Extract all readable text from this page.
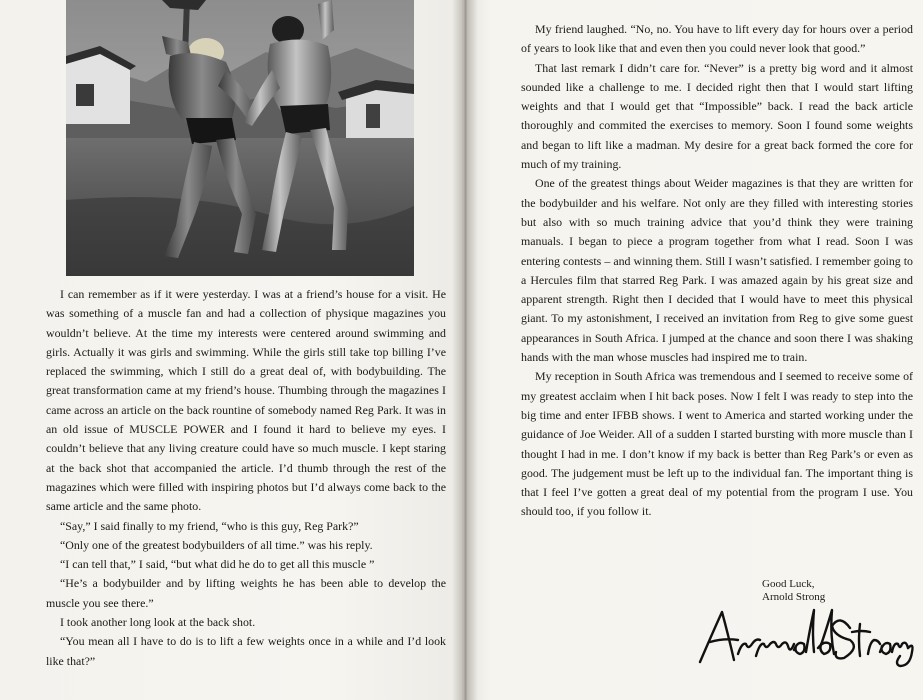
I can remember as if it were yesterday. I was at a friend’s house for a visit. He was something of a muscle fan and had a collection of physique magazines you wouldn’t believe. At the time my interests were centered around swimming and girls. Actually it was girls and swimming. While the girls still take top billing I’ve replaced the swimming, which I still do a great deal of, with bodybuilding. The great transformation came at my friend’s house. Thumbing through the magazines I came across an article on the back rountine of somebody named Reg Park. It was in an old issue of MUSCLE POWER and I found it hard to believe my eyes. I couldn’t believe that any living creature could have so much muscle. I kept staring at the back shot that accompanied the article. I’d thumb through the rest of the magazines which were filled with inspiring photos but I’d always come back to the same article and the same photo.

“Say,” I said finally to my friend, “who is this guy, Reg Park?”

“Only one of the greatest bodybuilders of all time.” was his reply.

“I can tell that,” I said, “but what did he do to get all this muscle ”

“He’s a bodybuilder and by lifting weights he has been able to develop the muscle you see there.”

I took another long look at the back shot.

“You mean all I have to do is to lift a few weights once in a while and I’d look like that?”

My friend laughed. “No, no. You have to lift every day for hours over a period of years to look like that and even then you could never look that good.”

That last remark I didn’t care for. “Never” is a pretty big word and it almost sounded like a challenge to me. I decided right then that I would start lifting weights and that I would get that “Impossible” back. I read the back article thoroughly and commited the exercises to memory. Soon I found some weights and began to lift like a madman. My desire for a great back formed the core for much of my training.

One of the greatest things about Weider magazines is that they are written for the bodybuilder and his welfare. Not only are they filled with interesting stories but also with so much training advice that you’d think they were training manuals. I began to piece a program together from what I read. Soon I was entering contests – and winning them. Still I wasn’t satisfied. I remember going to a Hercules film that starred Reg Park. I was amazed again by his great size and apparent strength. Right then I decided that I would have to meet this physical giant. To my astonishment, I received an invitation from Reg to give some guest appearances in South Africa. I jumped at the chance and soon there I was shaking hands with the man whose muscles had inspired me to train.

My reception in South Africa was tremendous and I seemed to receive some of my greatest acclaim when I hit back poses. Now I felt I was ready to step into the big time and enter IFBB shows. I went to America and started working under the guidance of Joe Weider. All of a sudden I started bursting with more muscle than I thought I had in me. I don’t know if my back is better than Reg Park’s or even as good. The judgement must be left up to the individual fan. The important thing is that I feel I’ve gotten a great deal of my potential from the program I use. You should too, if you follow it.

Good Luck,
Arnold Strong
